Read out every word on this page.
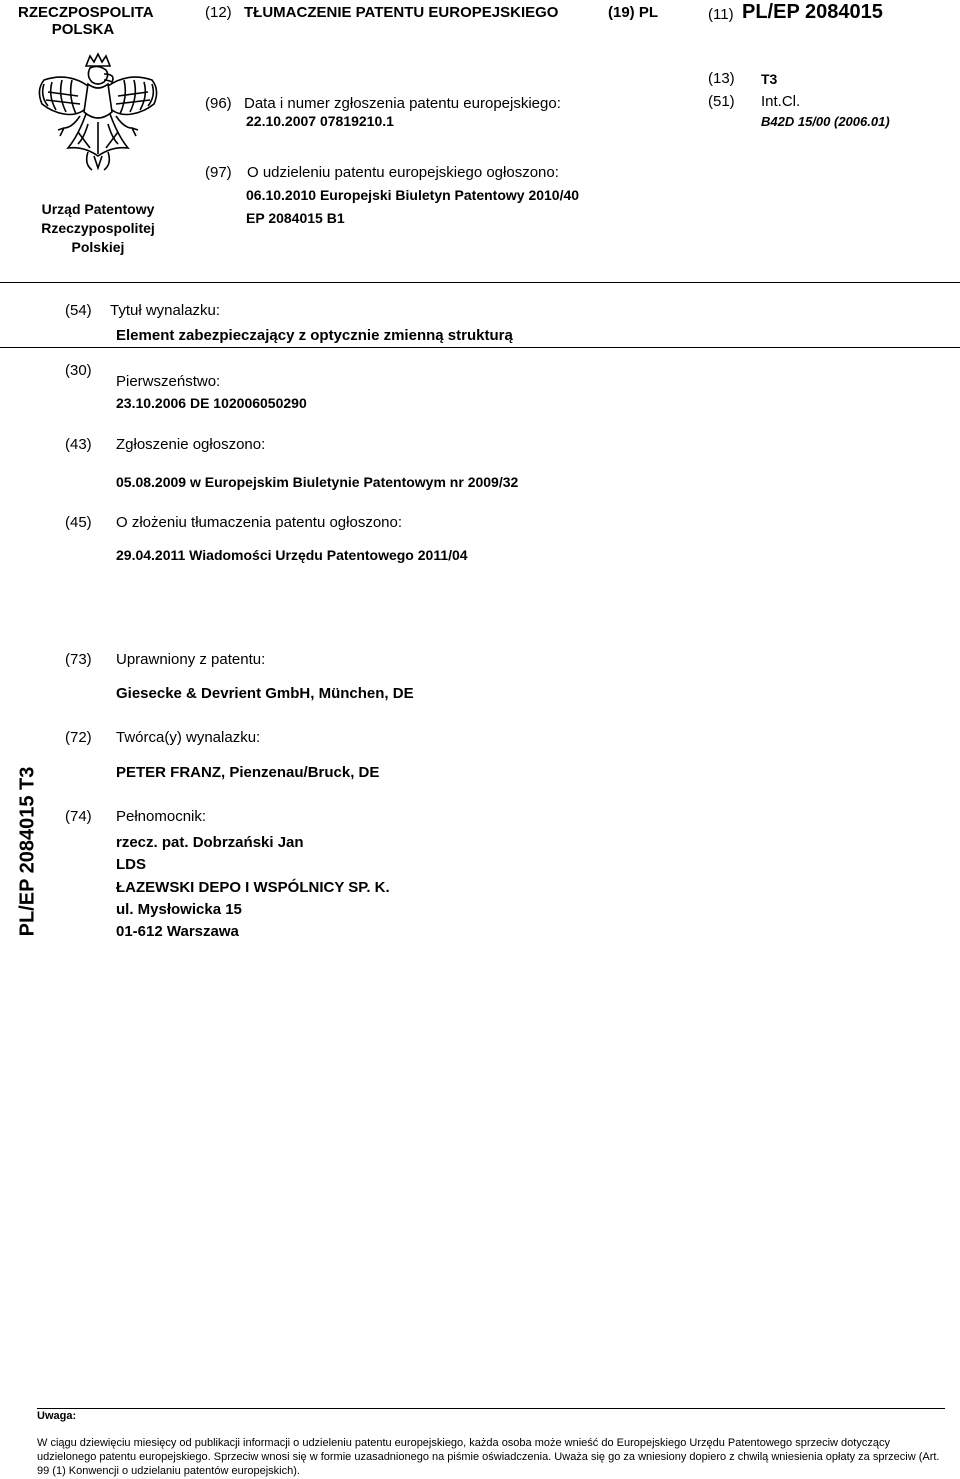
RZECZPOSPOLITA
POLSKA
(12) TŁUMACZENIE PATENTU EUROPEJSKIEGO	(19) PL	(11) PL/EP 2084015
Urząd Patentowy
Rzeczypospolitej
Polskiej
(96) Data i numer zgłoszenia patentu europejskiego:
22.10.2007 07819210.1
(13) T3
(51) Int.Cl.
B42D 15/00 (2006.01)
(97) O udzieleniu patentu europejskiego ogłoszono:
06.10.2010 Europejski Biuletyn Patentowy 2010/40
EP 2084015 B1
(54) Tytuł wynalazku:
Element zabezpieczający z optycznie zmienną strukturą
(30)
Pierwszeństwo:
23.10.2006 DE 102006050290
(43) Zgłoszenie ogłoszono:
05.08.2009 w Europejskim Biuletynie Patentowym nr 2009/32
(45) O złożeniu tłumaczenia patentu ogłoszono:
29.04.2011 Wiadomości Urzędu Patentowego 2011/04
(73) Uprawniony z patentu:
Giesecke & Devrient GmbH, München, DE
(72) Twórca(y) wynalazku:
PETER FRANZ, Pienzenau/Bruck, DE
(74) Pełnomocnik:
rzecz. pat. Dobrzański Jan
LDS
ŁAZEWSKI DEPO I WSPÓLNICY SP. K.
ul. Mysłowicka 15
01-612 Warszawa
PL/EP 2084015 T3
Uwaga:
W ciągu dziewięciu miesięcy od publikacji informacji o udzieleniu patentu europejskiego, każda osoba może wnieść do Europejskiego Urzędu Patentowego sprzeciw dotyczący udzielonego patentu europejskiego. Sprzeciw wnosi się w formie uzasadnionego na piśmie oświadczenia. Uważa się go za wniesiony dopiero z chwilą wniesienia opłaty za sprzeciw (Art. 99 (1) Konwencji o udzielaniu patentów europejskich).
